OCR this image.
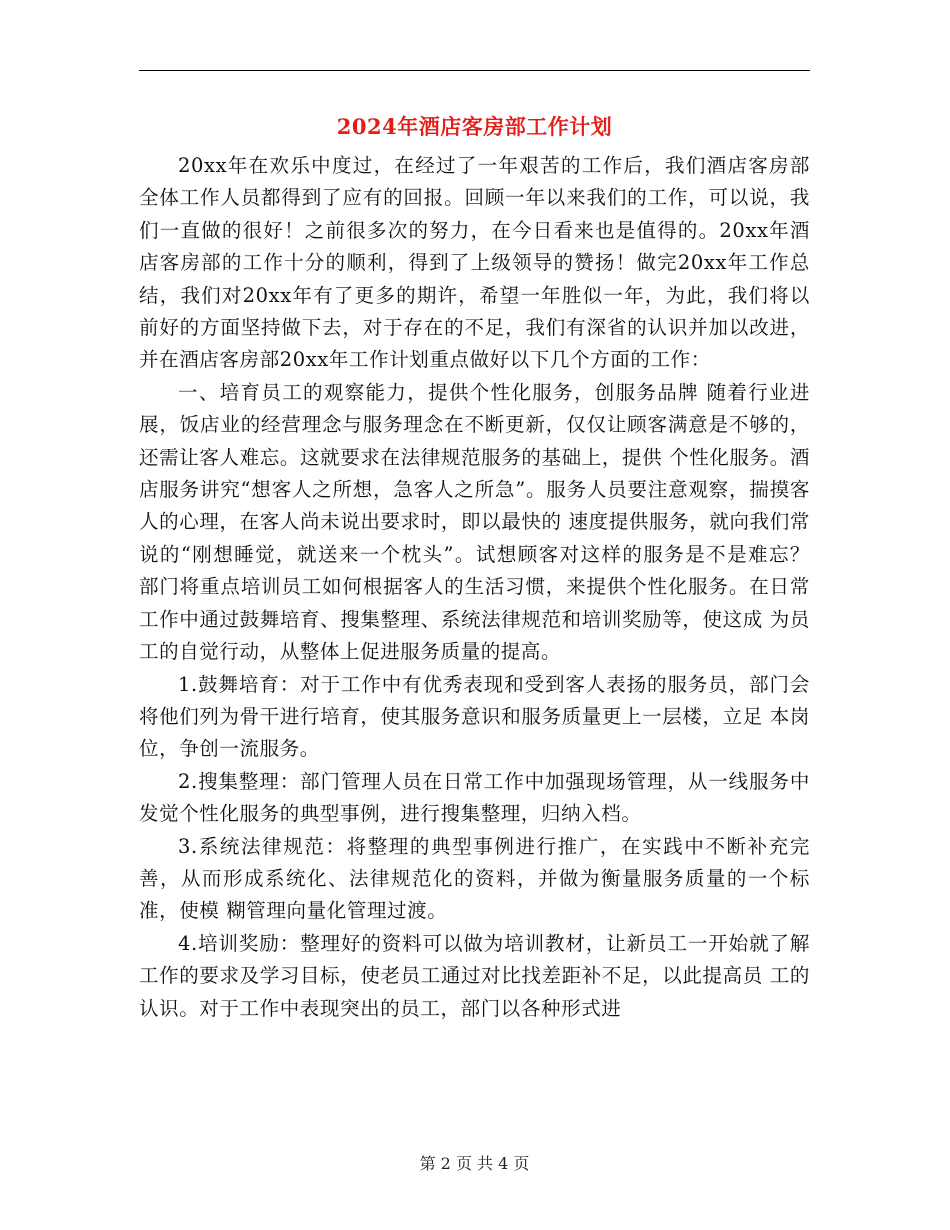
2024年酒店客房部工作计划

20xx年在欢乐中度过，在经过了一年艰苦的工作后，我们酒店客房部全体工作人员都得到了应有的回报。回顾一年以来我们的工作，可以说，我们一直做的很好！之前很多次的努力，在今日看来也是值得的。20xx年酒店客房部的工作十分的顺利，得到了上级领导的赞扬！做完20xx年工作总结，我们对20xx年有了更多的期许，希望一年胜似一年，为此，我们将以前好的方面坚持做下去，对于存在的不足，我们有深省的认识并加以改进，并在酒店客房部20xx年工作计划重点做好以下几个方面的工作：

一、培育员工的观察能力，提供个性化服务，创服务品牌 随着行业进展，饭店业的经营理念与服务理念在不断更新，仅仅让顾客满意是不够的，还需让客人难忘。这就要求在法律规范服务的基础上，提供 个性化服务。酒店服务讲究“想客人之所想，急客人之所急”。服务人员要注意观察，揣摸客人的心理，在客人尚未说出要求时，即以最快的 速度提供服务，就向我们常说的“刚想睡觉，就送来一个枕头”。试想顾客对这样的服务是不是难忘？ 部门将重点培训员工如何根据客人的生活习惯，来提供个性化服务。在日常工作中通过鼓舞培育、搜集整理、系统法律规范和培训奖励等，使这成 为员工的自觉行动，从整体上促进服务质量的提高。

1.鼓舞培育：对于工作中有优秀表现和受到客人表扬的服务员，部门会将他们列为骨干进行培育，使其服务意识和服务质量更上一层楼，立足 本岗位，争创一流服务。

2.搜集整理：部门管理人员在日常工作中加强现场管理，从一线服务中发觉个性化服务的典型事例，进行搜集整理，归纳入档。

3.系统法律规范：将整理的典型事例进行推广，在实践中不断补充完善，从而形成系统化、法律规范化的资料，并做为衡量服务质量的一个标准，使模 糊管理向量化管理过渡。

4.培训奖励：整理好的资料可以做为培训教材，让新员工一开始就了解工作的要求及学习目标，使老员工通过对比找差距补不足，以此提高员 工的认识。对于工作中表现突出的员工，部门以各种形式进

第 2 页 共 4 页
